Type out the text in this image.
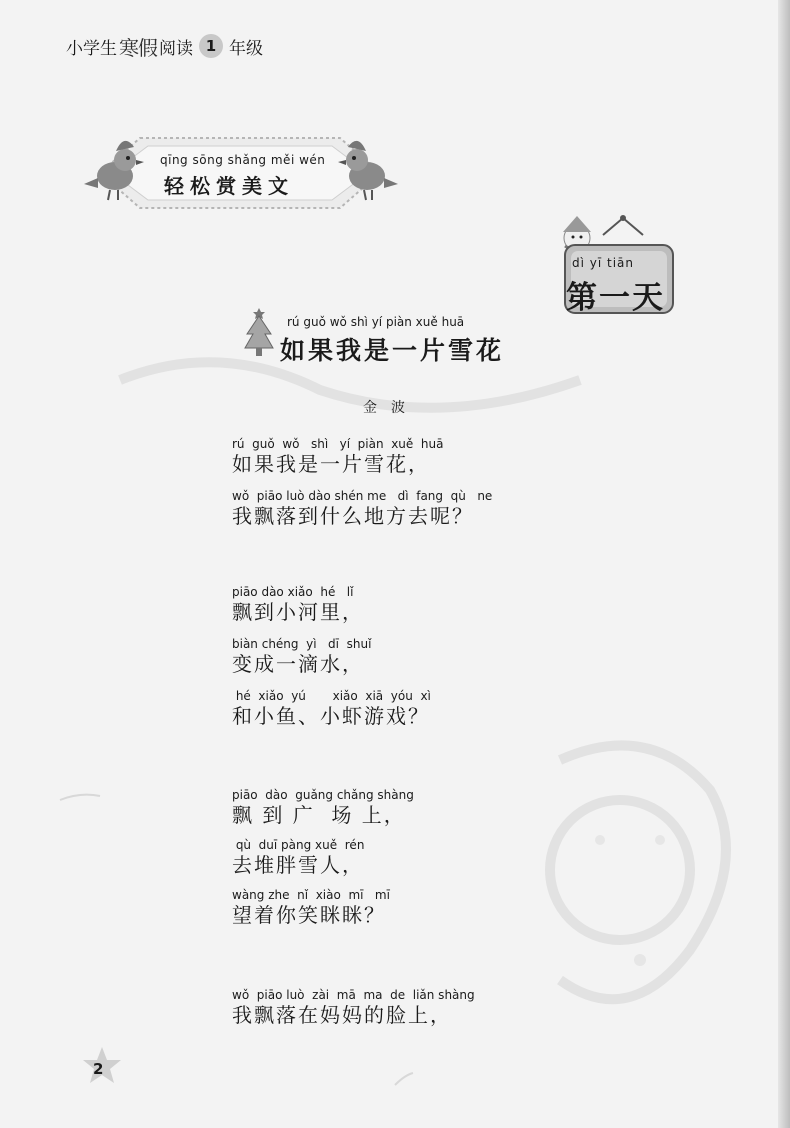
小学生 寒假 阅读 1 年级
qīng sōng shǎng měi wén
轻松赏美文
dì yī tiān
第一天
rú guǒ wǒ shì yí piàn xuě huā
如果我是一片雪花
金波
rú  guǒ  wǒ   shì   yí  piàn  xuě  huā
如果我是一片雪花，
wǒ  piāo luò dào shén me   dì  fang  qù   ne
我飘落到什么地方去呢？
piāo dào xiǎo  hé   lǐ
飘到小河里，
biàn chéng  yì   dī  shuǐ
变成一滴水，
hé  xiǎo  yú       xiǎo  xiā  yóu  xì
和小鱼、小虾游戏？
piāo  dào  guǎng chǎng shàng
飘 到 广  场 上，
qù  duī pàng xuě  rén
去堆胖雪人，
wàng zhe  nǐ  xiào  mī   mī
望着你笑眯眯？
wǒ  piāo luò  zài  mā  ma  de  liǎn shàng
我飘落在妈妈的脸上，
2
